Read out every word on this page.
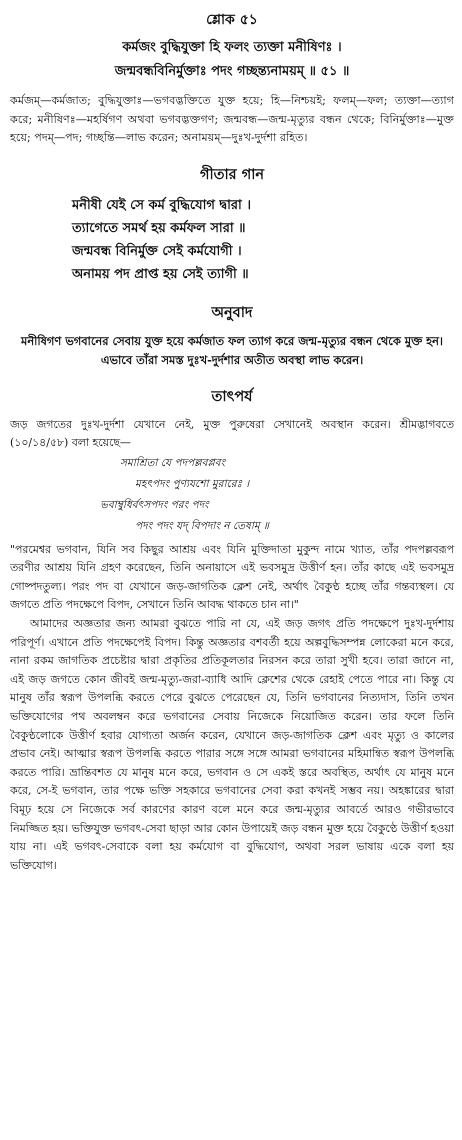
শ্লোক ৫১
কর্মজং বুদ্ধিযুক্তা হি ফলং ত্যক্তা মনীষিণঃ ।
জন্মবন্ধবিনির্মুক্তাঃ পদং গচ্ছন্ত্যনাময়ম্ ॥ ৫১ ॥
কর্মজম্—কর্মজাত; বুদ্ধিযুক্তাঃ—ভগবদ্ভক্তিতে যুক্ত হয়ে; হি—নিশ্চয়ই; ফলম্—ফল; ত্যক্তা—ত্যাগ করে; মনীষিণঃ—মহর্ষিগণ অথবা ভগবদ্ভক্তগণ; জন্মবন্ধ—জন্ম-মৃত্যুর বন্ধন থেকে; বিনির্মুক্তাঃ—মুক্ত হয়ে; পদম্—পদ; গচ্ছন্তি—লাভ করেন; অনাময়ম্—দুঃখ-দুর্দশা রহিত।
গীতার গান
মনীষী যেই সে কর্ম বুদ্ধিযোগ দ্বারা ।
ত্যাগেতে সমর্থ হয় কর্মফল সারা ॥
জন্মবন্ধ বিনির্মুক্ত সেই কর্মযোগী ।
অনাময় পদ প্রাপ্ত হয় সেই ত্যাগী ॥
অনুবাদ
মনীষিগণ ভগবানের সেবায় যুক্ত হয়ে কর্মজাত ফল ত্যাগ করে জন্ম-মৃত্যুর বন্ধন থেকে মুক্ত হন। এভাবে তাঁরা সমস্ত দুঃখ-দুর্দশার অতীত অবস্থা লাভ করেন।
তাৎপর্য
জড় জগতের দুঃখ-দুর্দশা যেখানে নেই, মুক্ত পুরুষেরা সেখানেই অবস্থান করেন। শ্রীমদ্ভাগবতে (১০/১৪/৫৮) বলা হয়েছে—
সমাশ্রিতা যে পদপল্লবপ্লবং
মহৎপদং পুণ্যযশো মুরারেঃ ।
ভবাম্বুধির্বৎসপদং পরং পদং
পদং পদং যদ্ বিপদাং ন তেষাম্ ॥
"পরমেশ্বর ভগবান, যিনি সব কিছুর আশ্রয় এবং যিনি মুক্তিদাতা মুকুন্দ নামে খ্যাত, তাঁর পদপল্লবরূপ তরণীর আশ্রয় যিনি গ্রহণ করেছেন, তিনি অনায়াসে এই ভবসমুদ্র উত্তীর্ণ হন। তাঁর কাছে এই ভবসমুদ্র গোষ্পদতুল্য। পরং পদ বা যেখানে জড়-জাগতিক ক্লেশ নেই, অর্থাৎ বৈকুণ্ঠ হচ্ছে তাঁর গন্তব্যস্থল। যে জগতে প্রতি পদক্ষেপে বিপদ, সেখানে তিনি আবদ্ধ থাকতে চান না।"
আমাদের অজ্ঞতার জন্য আমরা বুঝতে পারি না যে, এই জড় জগৎ প্রতি পদক্ষেপে দুঃখ-দুর্দশায় পরিপূর্ণ। এখানে প্রতি পদক্ষেপেই বিপদ। কিন্তু অজ্ঞতার বশবর্তী হয়ে অল্পবুদ্ধিসম্পন্ন লোকেরা মনে করে, নানা রকম জাগতিক প্রচেষ্টার দ্বারা প্রকৃতির প্রতিকূলতার নিরসন করে তারা সুখী হবে। তারা জানে না, এই জড় জগতে কোন জীবই জন্ম-মৃত্যু-জরা-ব্যাধি আদি ক্লেশের থেকে রেহাই পেতে পারে না। কিন্তু যে মানুষ তাঁর স্বরূপ উপলব্ধি করতে পেরে বুঝতে পেরেছেন যে, তিনি ভগবানের নিত্যদাস, তিনি তখন ভক্তিযোগের পথ অবলম্বন করে ভগবানের সেবায় নিজেকে নিয়োজিত করেন। তার ফলে তিনি বৈকুণ্ঠলোকে উত্তীর্ণ হবার যোগ্যতা অর্জন করেন, যেখানে জড়-জাগতিক ক্লেশ এবং মৃত্যু ও কালের প্রভাব নেই। আত্মার স্বরূপ উপলব্ধি করতে পারার সঙ্গে সঙ্গে আমরা ভগবানের মহিমান্বিত স্বরূপ উপলব্ধি করতে পারি। ভ্রান্তিবশত যে মানুষ মনে করে, ভগবান ও সে একই স্তরে অবস্থিত, অর্থাৎ যে মানুষ মনে করে, সে-ই ভগবান, তার পক্ষে ভক্তি সহকারে ভগবানের সেবা করা কখনই সম্ভব নয়। অহঙ্কারের দ্বারা বিমূঢ় হয়ে সে নিজেকে সর্ব কারণের কারণ বলে মনে করে জন্ম-মৃত্যুর আবর্তে আরও গভীরভাবে নিমজ্জিত হয়। ভক্তিযুক্ত ভগবৎ-সেবা ছাড়া আর কোন উপায়েই জড় বন্ধন মুক্ত হয়ে বৈকুণ্ঠে উত্তীর্ণ হওয়া যায় না। এই ভগবৎ-সেবাকে বলা হয় কর্মযোগ বা বুদ্ধিযোগ, অথবা সরল ভাষায় একে বলা হয় ভক্তিযোগ।
